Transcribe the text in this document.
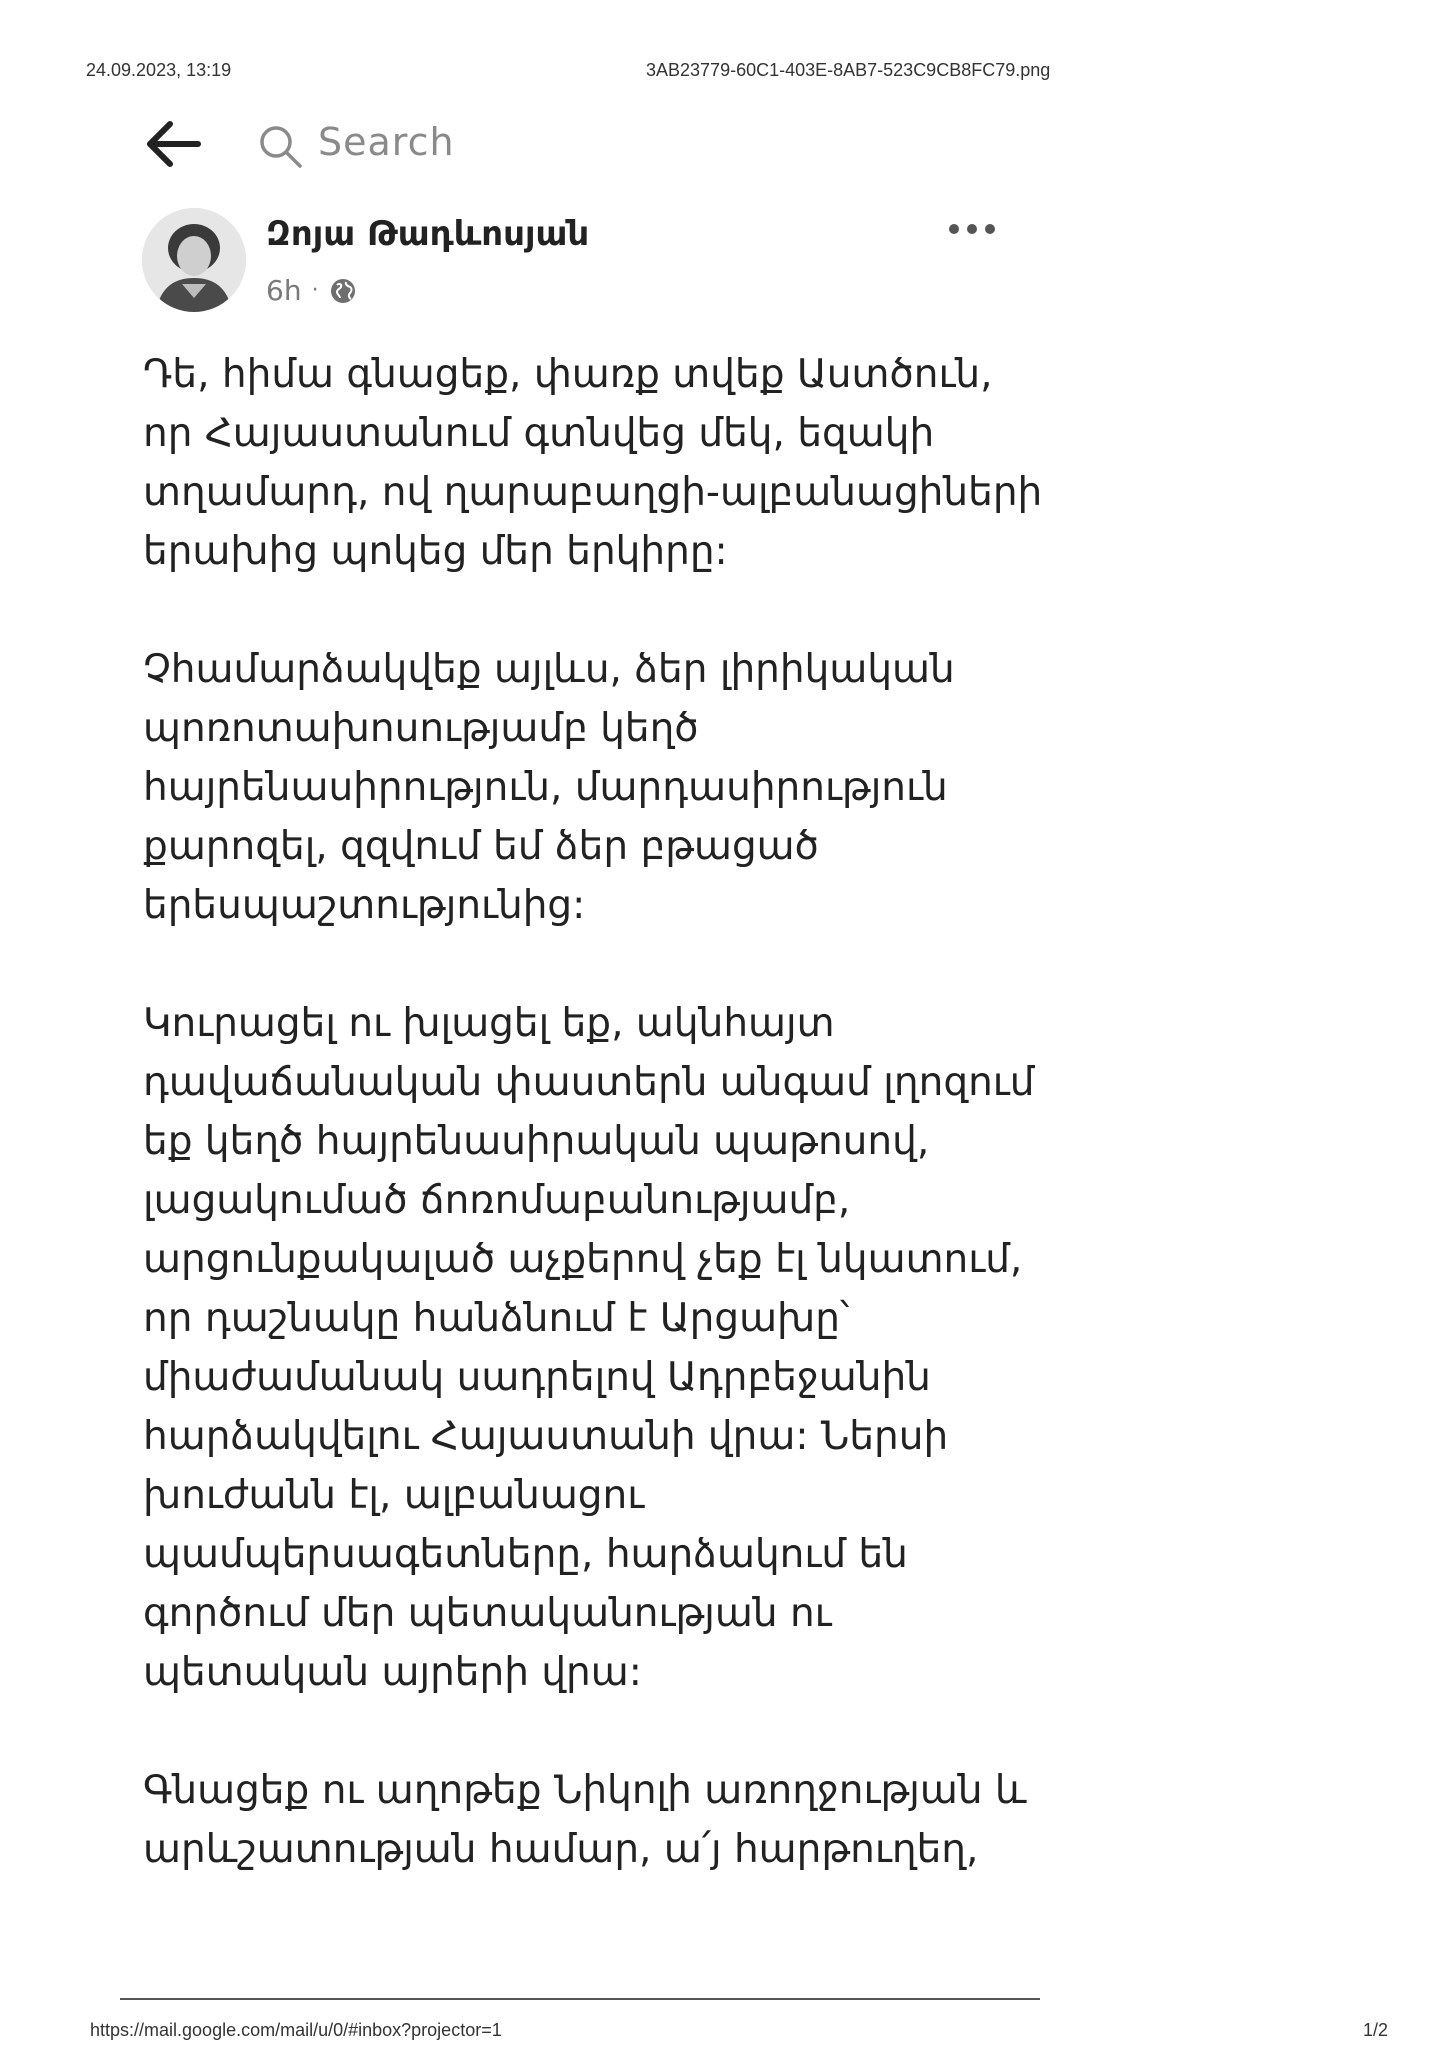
24.09.2023, 13:19	3AB23779-60C1-403E-8AB7-523C9CB8FC79.png
Search
Զոյա Թադևոսյան
6h ·

Դե, հիմա գնացեք, փառք տվեք Աստծուն, որ Հայաստանում գտնվեց մեկ, եզակի տղամարդ, ով ղարաբաղցի-ալբանացիների երախից պոկեց մեր երկիրը:

Չհամարձակվեք այլևս, ձեր լիրիկական պոռոտախոսությամբ կեղծ հայրենասիրություն, մարդասիրություն քարոզել, զզվում եմ ձեր բթացած երեսպաշտությունից:

Կուրացել ու խլացել եք, ակնհայտ դավաճանական փաստերն անգամ լղոզում եք կեղծ հայրենասիրական պաթոսով, լացակումած ճոռոմաբանությամբ, արցունքակալած աչքերով չեք էլ նկատում, որ դաշնակը հանձնում է Արցախը՝ միաժամանակ սադրելով Ադրբեջանին հարձակվելու Հայաստանի վրա: Ներսի խուժանն էլ, ալբանացու պամպերսագետները, հարձակում են գործում մեր պետականության ու պետական այրերի վրա:

Գնացեք ու աղոթեք Նիկոլի առողջության և արևշատության համար, ա՛յ հարթուղեղ,

https://mail.google.com/mail/u/0/#inbox?projector=1	1/2
